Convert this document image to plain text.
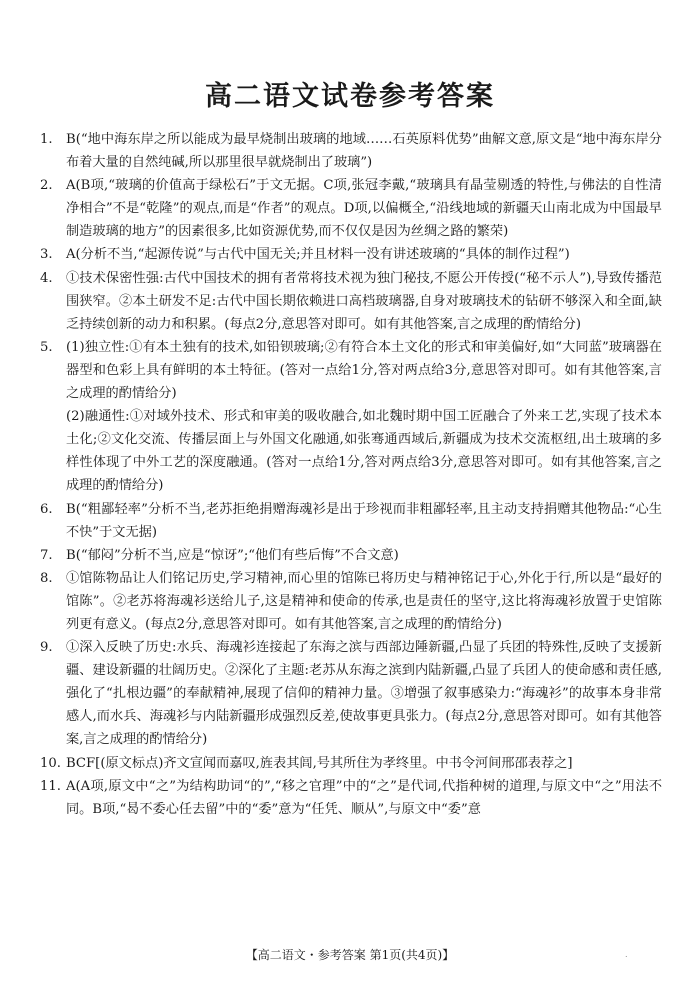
高二语文试卷参考答案
1.	B(“地中海东岸之所以能成为最早烧制出玻璃的地域……石英原料优势”曲解文意,原文是“地中海东岸分布着大量的自然纯碱,所以那里很早就烧制出了玻璃”)
2.	A(B项,“玻璃的价值高于绿松石”于文无据。C项,张冠李戴,“玻璃具有晶莹剔透的特性,与佛法的自性清净相合”不是“乾隆”的观点,而是“作者”的观点。D项,以偏概全,“沿线地域的新疆天山南北成为中国最早制造玻璃的地方”的因素很多,比如资源优势,而不仅仅是因为丝绸之路的繁荣)
3.	A(分析不当,“起源传说”与古代中国无关;并且材料一没有讲述玻璃的“具体的制作过程”)
4.	①技术保密性强:古代中国技术的拥有者常将技术视为独门秘技,不愿公开传授(“秘不示人”),导致传播范围狭窄。②本土研发不足:古代中国长期依赖进口高档玻璃器,自身对玻璃技术的钻研不够深入和全面,缺乏持续创新的动力和积累。(每点2分,意思答对即可。如有其他答案,言之成理的酌情给分)
5.	(1)独立性:①有本土独有的技术,如铅钡玻璃;②有符合本土文化的形式和审美偏好,如“大同蓝”玻璃器在器型和色彩上具有鲜明的本土特征。(答对一点给1分,答对两点给3分,意思答对即可。如有其他答案,言之成理的酌情给分)
(2)融通性:①对域外技术、形式和审美的吸收融合,如北魏时期中国工匠融合了外来工艺,实现了技术本土化;②文化交流、传播层面上与外国文化融通,如张骞通西域后,新疆成为技术交流枢纽,出土玻璃的多样性体现了中外工艺的深度融通。(答对一点给1分,答对两点给3分,意思答对即可。如有其他答案,言之成理的酌情给分)
6.	B(“粗鄙轻率”分析不当,老苏拒绝捐赠海魂衫是出于珍视而非粗鄙轻率,且主动支持捐赠其他物品:“心生不快”于文无据)
7.	B(“郁闷”分析不当,应是“惊讶”;“他们有些后悔”不合文意)
8.	①馆陈物品让人们铭记历史,学习精神,而心里的馆陈已将历史与精神铭记于心,外化于行,所以是“最好的馆陈”。②老苏将海魂衫送给儿子,这是精神和使命的传承,也是责任的坚守,这比将海魂衫放置于史馆陈列更有意义。(每点2分,意思答对即可。如有其他答案,言之成理的酌情给分)
9.	①深入反映了历史:水兵、海魂衫连接起了东海之滨与西部边陲新疆,凸显了兵团的特殊性,反映了支援新疆、建设新疆的壮阔历史。②深化了主题:老苏从东海之滨到内陆新疆,凸显了兵团人的使命感和责任感,强化了“扎根边疆”的奉献精神,展现了信仰的精神力量。③增强了叙事感染力:“海魂衫”的故事本身非常感人,而水兵、海魂衫与内陆新疆形成强烈反差,使故事更具张力。(每点2分,意思答对即可。如有其他答案,言之成理的酌情给分)
10. BCF[(原文标点)齐文宣闻而嘉叹,旌表其闾,号其所住为孝终里。中书令河间邢邵表荐之]
11. A(A项,原文中“之”为结构助词“的”,“移之官理”中的“之”是代词,代指种树的道理,与原文中“之”用法不同。B项,“曷不委心任去留”中的“委”意为“任凭、顺从”,与原文中“委”意
【高二语文・参考答案 第1页(共4页)】	.
